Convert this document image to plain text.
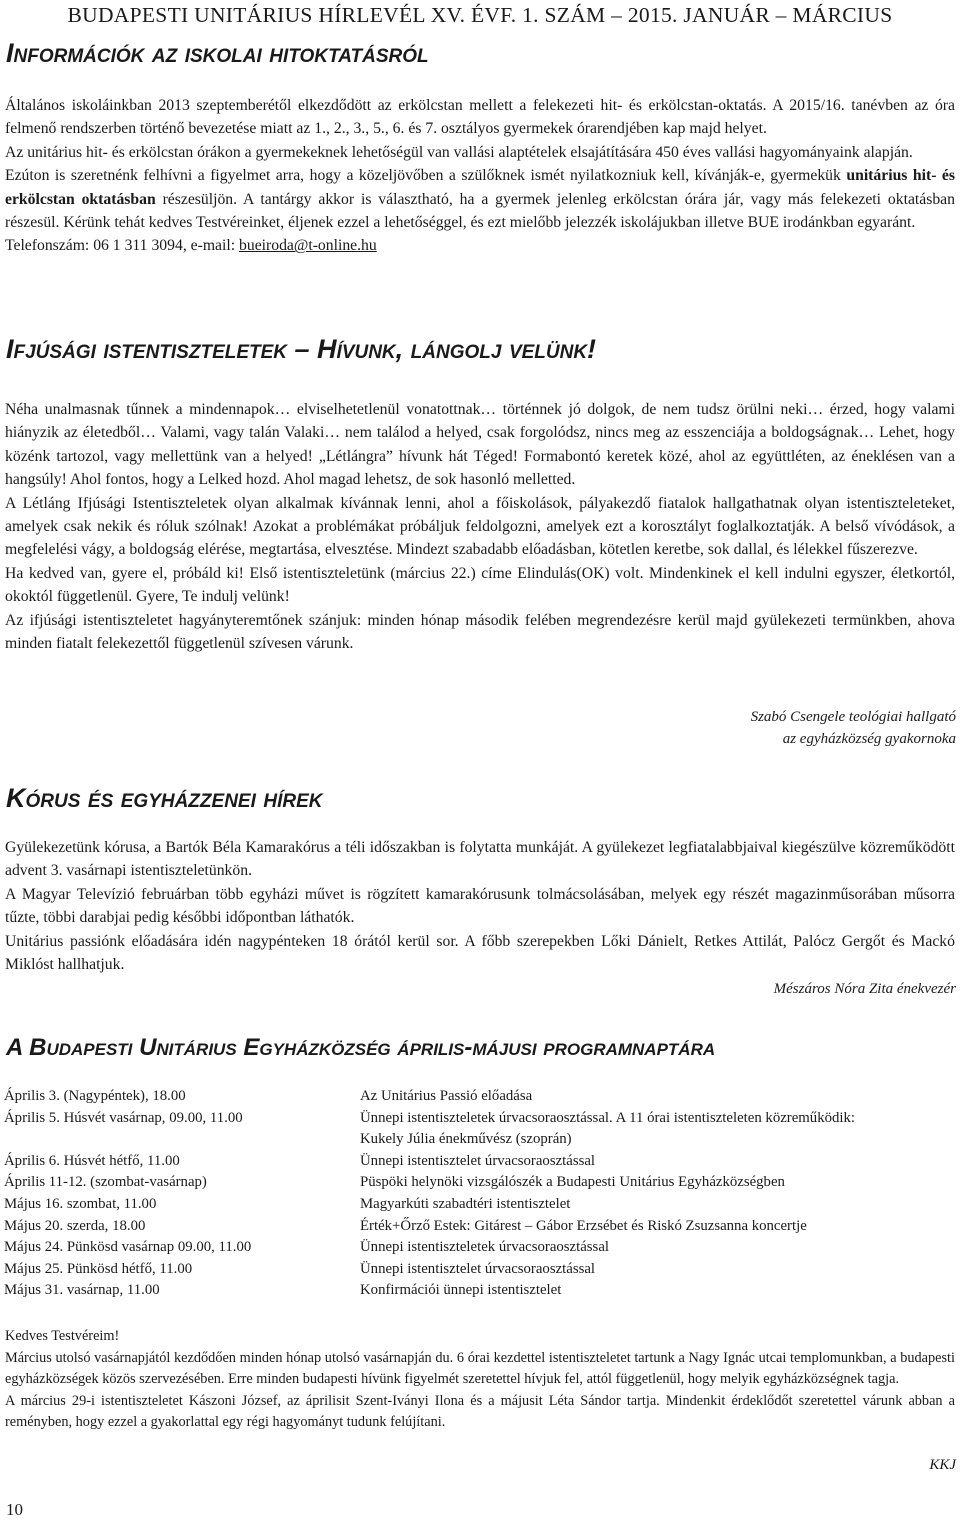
BUDAPESTI UNITÁRIUS HÍRLEVÉL XV. ÉVF. 1. SZÁM – 2015. JANUÁR – MÁRCIUS
Információk az iskolai hitoktatásról

Általános iskoláinkban 2013 szeptemberétől elkezdődött az erkölcstan mellett a felekezeti hit- és erkölcstan-oktatás. A 2015/16. tanévben az óra felmenő rendszerben történő bevezetése miatt az 1., 2., 3., 5., 6. és 7. osztályos gyermekek órarendjében kap majd helyet.

Az unitárius hit- és erkölcstan órákon a gyermekeknek lehetőségül van vallási alaptételek elsajátítására 450 éves vallási hagyományaink alapján.

Ezúton is szeretnénk felhívni a figyelmet arra, hogy a közeljövőben a szülőknek ismét nyilatkozniuk kell, kívánják-e, gyermekük unitárius hit- és erkölcstan oktatásban részesüljön. A tantárgy akkor is választható, ha a gyermek jelenleg erkölcstan órára jár, vagy más felekezeti oktatásban részesül. Kérünk tehát kedves Testvéreinket, éljenek ezzel a lehetőséggel, és ezt mielőbb jelezzék iskolájukban illetve BUE irodánkban egyaránt.

Telefonszám: 06 1 311 3094, e-mail: bueiroda@t-online.hu

Ifjúsági istentiszteletek – Hívunk, lángolj velünk!

Néha unalmasnak tűnnek a mindennapok… elviselhetetlenül vonatottnak… történnek jó dolgok, de nem tudsz örülni neki… érzed, hogy valami hiányzik az életedből… Valami, vagy talán Valaki… nem találod a helyed, csak forgolódsz, nincs meg az esszenciája a boldogságnak… Lehet, hogy közénk tartozol, vagy mellettünk van a helyed! „Létlángra” hívunk hát Téged! Formabontó keretek közé, ahol az együttléten, az éneklésen van a hangsúly! Ahol fontos, hogy a Lelked hozd. Ahol magad lehetsz, de sok hasonló melletted.

A Létláng Ifjúsági Istentiszteletek olyan alkalmak kívánnak lenni, ahol a főiskolások, pályakezdő fiatalok hallgathatnak olyan istentiszteleteket, amelyek csak nekik és róluk szólnak! Azokat a problémákat próbáljuk feldolgozni, amelyek ezt a korosztályt foglalkoztatják. A belső vívódások, a megfelelési vágy, a boldogság elérése, megtartása, elvesztése. Mindezt szabadabb előadásban, kötetlen keretbe, sok dallal, és lélekkel fűszerezve.

Ha kedved van, gyere el, próbáld ki! Első istentiszteletünk (március 22.) címe Elindulás(OK) volt. Mindenkinek el kell indulni egyszer, életkortól, okoktól függetlenül. Gyere, Te indulj velünk!

Az ifjúsági istentiszteletet hagyányteremtőnek szánjuk: minden hónap második felében megrendezésre kerül majd gyülekezeti termünkben, ahova minden fiatalt felekezettől függetlenül szívesen várunk.

Szabó Csengele teológiai hallgató
az egyházközség gyakornoka
Kórus és egyházzenei hírek

Gyülekezetünk kórusa, a Bartók Béla Kamarakórus a téli időszakban is folytatta munkáját. A gyülekezet legfiatalabbjaival kiegészülve közreműködött advent 3. vasárnapi istentiszteletünkön.

A Magyar Televízió februárban több egyházi művet is rögzített kamarakórusunk tolmácsolásában, melyek egy részét magazinműsorában műsorra tűzte, többi darabjai pedig későbbi időpontban láthatók.

Unitárius passiónk előadására idén nagypénteken 18 órától kerül sor. A főbb szerepekben Lőki Dánielt, Retkes Attilát, Palócz Gergőt és Mackó Miklóst hallhatjuk.

Mészáros Nóra Zita énekvezér
A Budapesti Unitárius Egyházközség április-májusi programnaptára
Április 3. (Nagypéntek), 18.00	Az Unitárius Passió előadása
Április 5. Húsvét vasárnap, 09.00, 11.00	Ünnepi istentiszteletek úrvacsoraosztással. A 11 órai istentiszteleten közreműködik:
Kukely Júlia énekművész (szoprán)
Április 6. Húsvét hétfő, 11.00	Ünnepi istentisztelet úrvacsoraosztással
Április 11-12. (szombat-vasárnap)	Püspöki helynöki vizsgálószék a Budapesti Unitárius Egyházközségben
Május 16. szombat, 11.00	Magyarkúti szabadtéri istentisztelet
Május 20. szerda, 18.00	Érték+Őrző Estek: Gitárest – Gábor Erzsébet és Riskó Zsuzsanna koncertje
Május 24. Pünkösd vasárnap 09.00, 11.00	Ünnepi istentiszteletek úrvacsoraosztással
Május 25. Pünkösd hétfő, 11.00	Ünnepi istentisztelet úrvacsoraosztással
Május 31. vasárnap, 11.00	Konfirmációi ünnepi istentisztelet

Kedves Testvéreim!

Március utolsó vasárnapjától kezdődően minden hónap utolsó vasárnapján du. 6 órai kezdettel istentiszteletet tartunk a Nagy Ignác utcai templomunkban, a budapesti egyházközségek közös szervezésében. Erre minden budapesti hívünk figyelmét szeretettel hívjuk fel, attól függetlenül, hogy melyik egyházközségnek tagja.

A március 29-i istentiszteletet Kászoni József, az áprilisit Szent-Iványi Ilona és a májusit Léta Sándor tartja. Mindenkit érdeklődőt szeretettel várunk abban a reményben, hogy ezzel a gyakorlattal egy régi hagyományt tudunk felújítani.

KKJ
10
